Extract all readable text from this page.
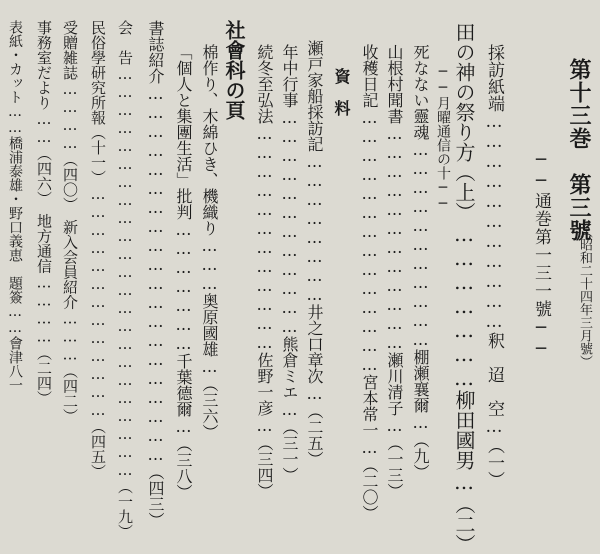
第十三巻　第三號
（昭和二十四年三月號）
──通巻第一三一號──
採訪紙端……………………………釈　迢　空…（一）
田の神の祭り方（上）…………………柳田國男…（二）
──月曜通信の十──
死なない靈魂……………………………棚瀬襄爾…（九）
山根村聞書………………………………瀬川清子…（一三）
收穫日記……………………………………宮本常一…（二〇）
資　料
瀬戸家船採訪記……………………井之口章次…（二五）
年中行事………………………………熊倉ミエ…（三一）
続冬至弘法………………………………佐野一彦…（三四）
社會科の頁
棉作り、木綿ひき、機織り………奥原國雄…（三六）
「個人と集團生活」批判…………………千葉德爾…（三八）
書誌紹介……………………………………………………（四三）
会　告……………………………………………………………（一九）
民俗學研究所報（十一）…………………………………（四五）
受贈雑誌…………（四〇）　新入会員紹介………（四二）
事務室だより……（四六）　地方通信…………（二四）
表紙・カット……橋浦泰雄・野口義恵　題簽……會津八一
